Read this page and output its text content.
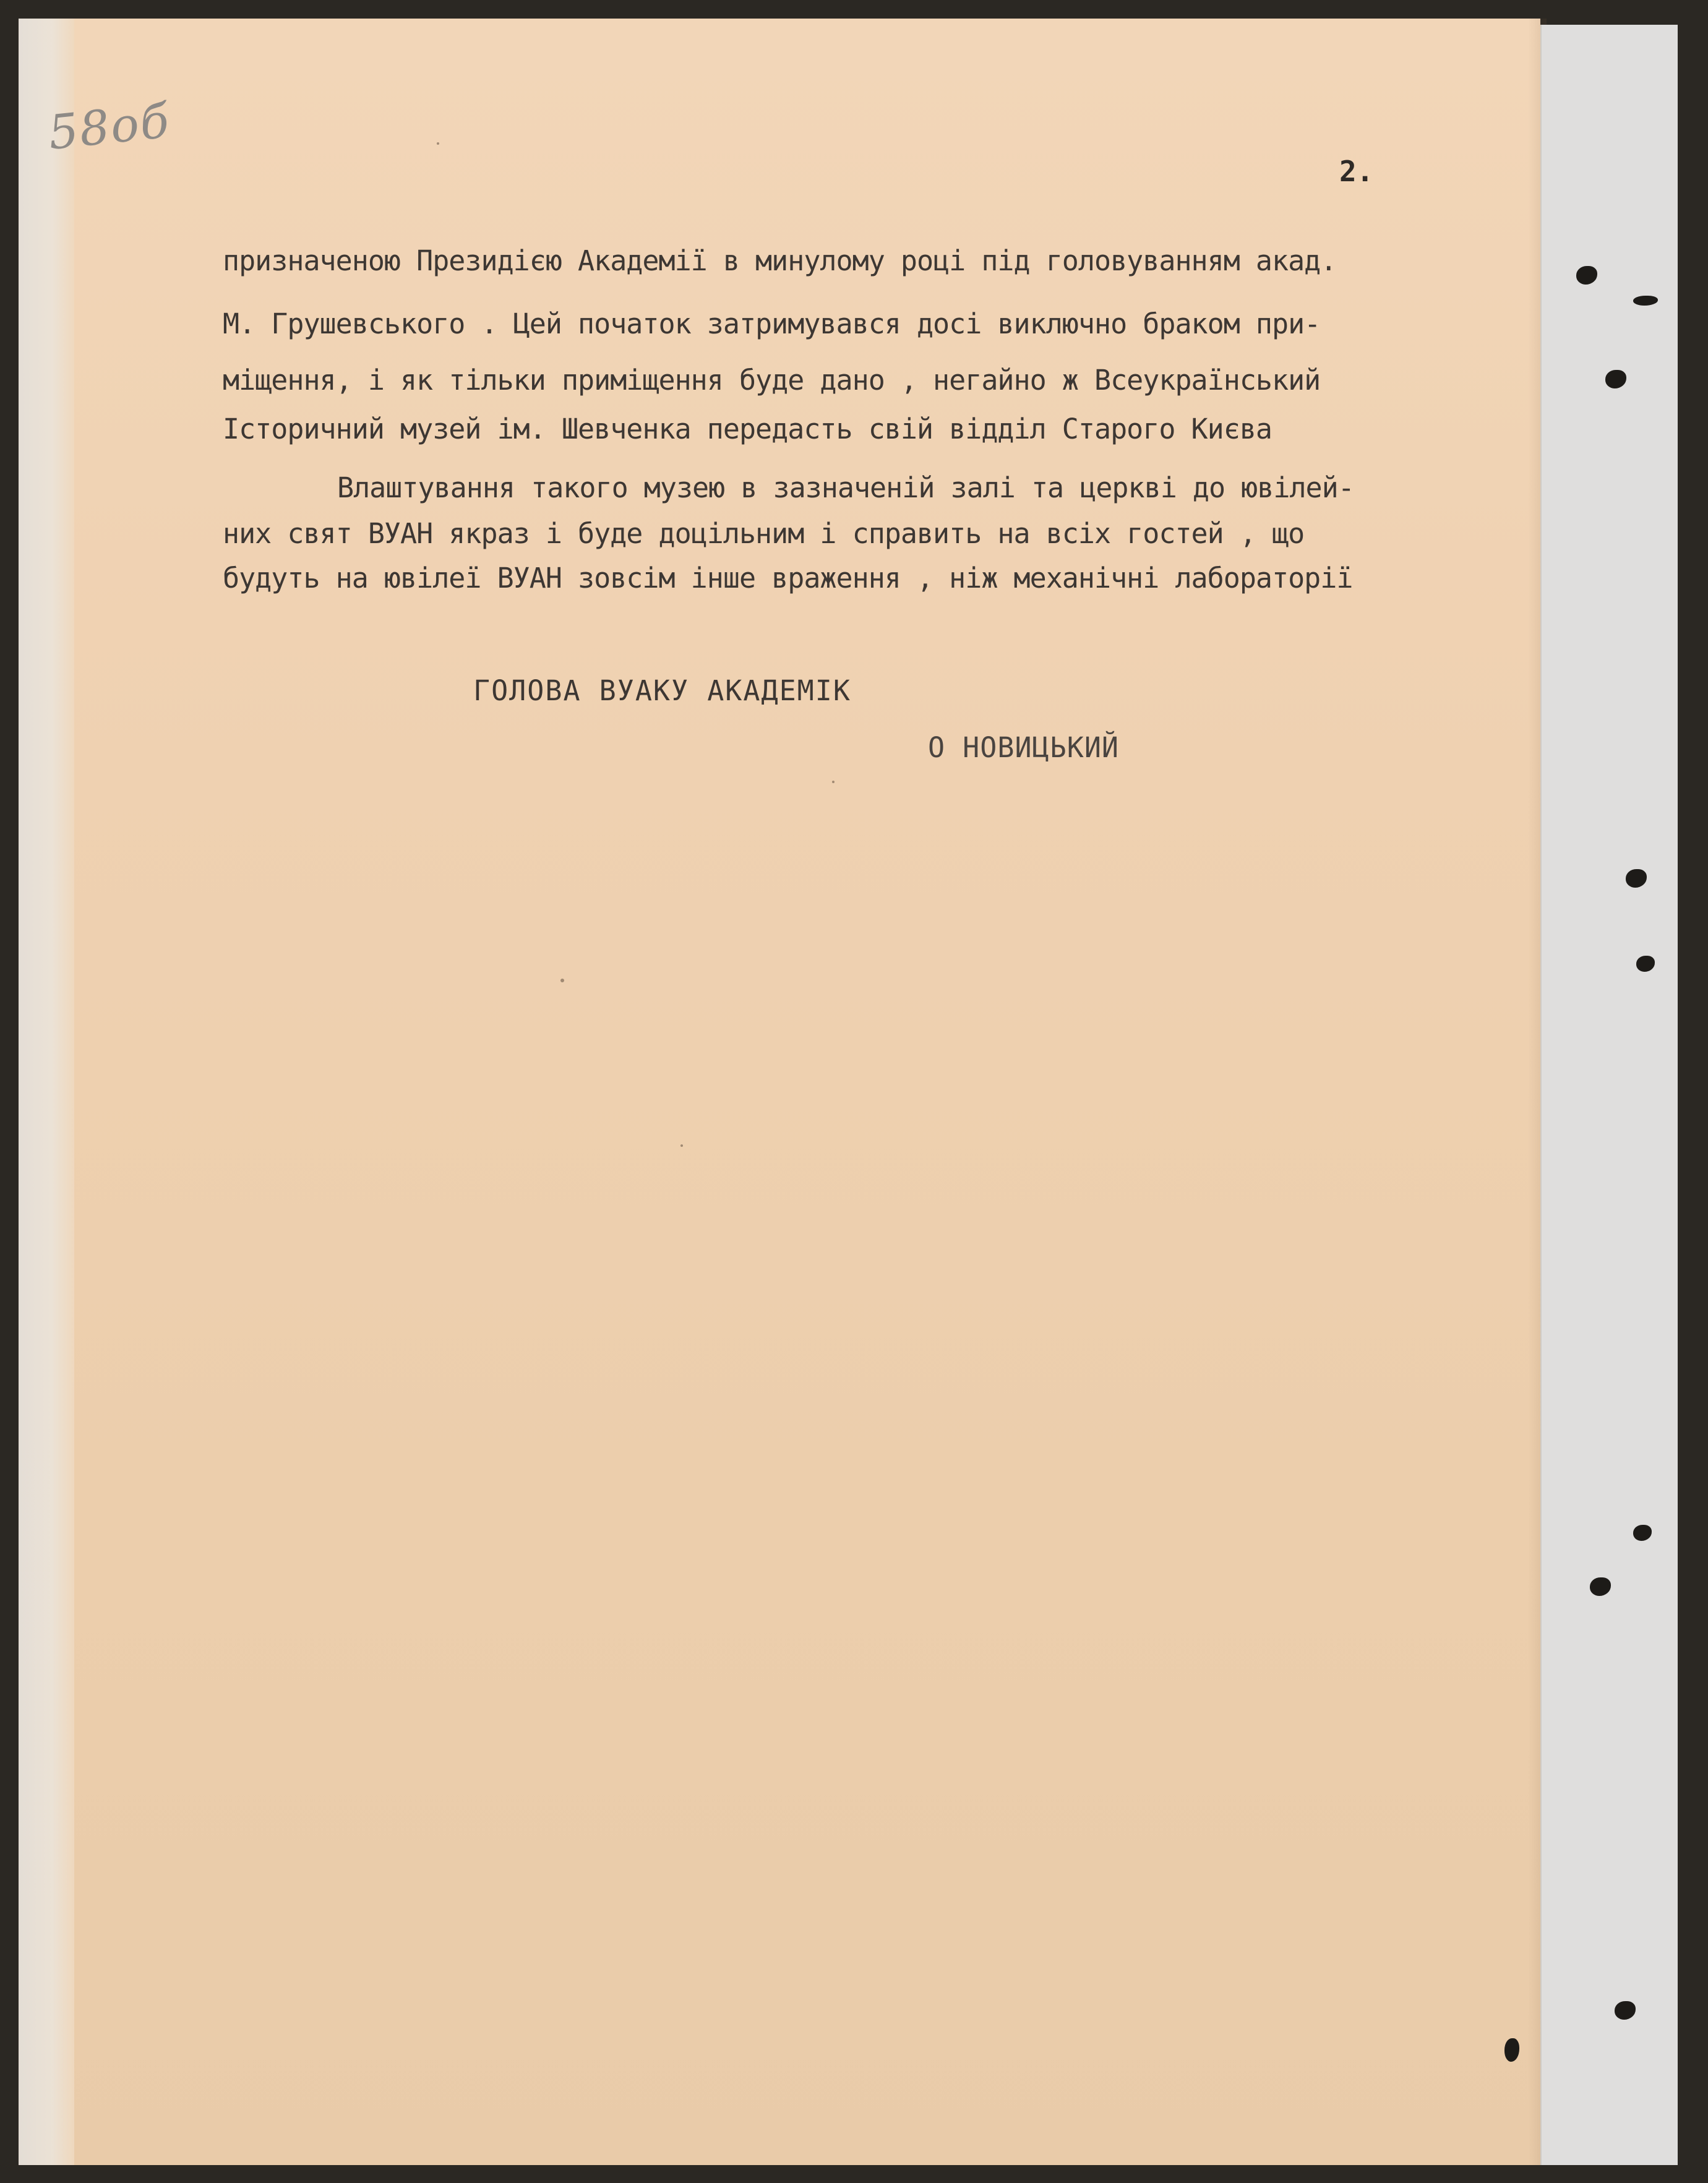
58об
2.
призначеною Президією Академії в минулому році під головуванням акад.
М. Грушевського . Цей початок затримувався досі виключно браком при-
міщення, і як тільки приміщення буде дано , негайно ж Всеукраїнський
Історичний музей ім. Шевченка передасть свій відділ Старого Києва
Влаштування такого музею в зазначеній залі та церкві до ювілей-
них свят ВУАН якраз і буде доцільним і справить на всіх гостей , що
будуть на ювілеї ВУАН зовсім інше враження , ніж механічні лабораторії
ГОЛОВА ВУАКУ АКАДЕМІК
О НОВИЦЬКИЙ
